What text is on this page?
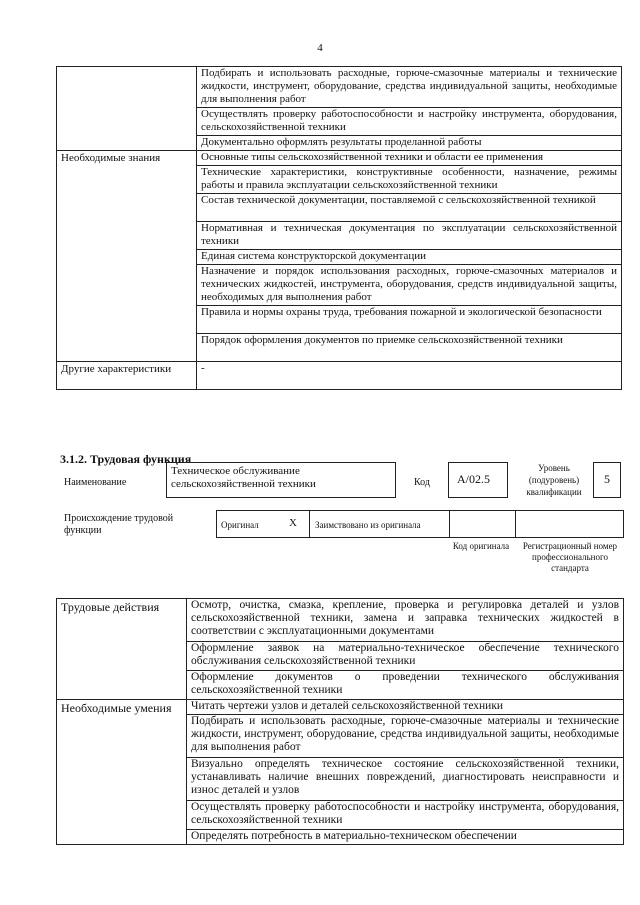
4
	Подбирать и использовать расходные, горюче-смазочные материалы и технические жидкости, инструмент, оборудование, средства индивидуальной защиты, необходимые для выполнения работ
	Осуществлять проверку работоспособности и настройку инструмента, оборудования, сельскохозяйственной техники
	Документально оформлять результаты проделанной работы
Необходимые знания	Основные типы сельскохозяйственной техники и области ее применения
	Технические характеристики, конструктивные особенности, назначение, режимы работы и правила эксплуатации сельскохозяйственной техники
	Состав технической документации, поставляемой с сельскохозяйственной техникой
	Нормативная и техническая документация по эксплуатации сельскохозяйственной техники
	Единая система конструкторской документации
	Назначение и порядок использования расходных, горюче-смазочных материалов и технических жидкостей, инструмента, оборудования, средств индивидуальной защиты, необходимых для выполнения работ
	Правила и нормы охраны труда, требования пожарной и экологической безопасности
	Порядок оформления документов по приемке сельскохозяйственной техники
Другие характеристики	-
3.1.2. Трудовая функция
Наименование
Техническое обслуживание сельскохозяйственной техники	Код	А/02.5
Уровень (подуровень) квалификации
5
Происхождение трудовой функции	Оригинал	X Заимствовано из оригинала
Код оригинала	Регистрационный номер профессионального стандарта
Трудовые действия	Осмотр, очистка, смазка, крепление, проверка и регулировка деталей и узлов сельскохозяйственной техники, замена и заправка технических жидкостей в соответствии с эксплуатационными документами
	Оформление заявок на материально-техническое обеспечение технического обслуживания сельскохозяйственной техники
	Оформление документов о проведении технического обслуживания сельскохозяйственной техники
Необходимые умения	Читать чертежи узлов и деталей сельскохозяйственной техники
	Подбирать и использовать расходные, горюче-смазочные материалы и технические жидкости, инструмент, оборудование, средства индивидуальной защиты, необходимые для выполнения работ
	Визуально определять техническое состояние сельскохозяйственной техники, устанавливать наличие внешних повреждений, диагностировать неисправности и износ деталей и узлов
	Осуществлять проверку работоспособности и настройку инструмента, оборудования, сельскохозяйственной техники
	Определять потребность в материально-техническом обеспечении
